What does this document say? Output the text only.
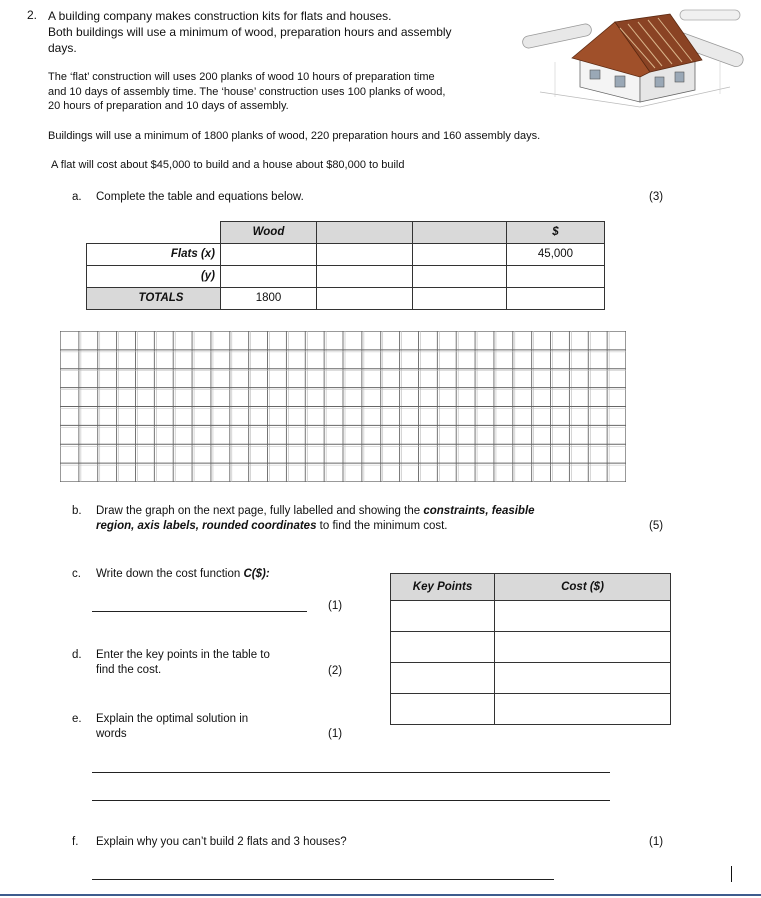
2. A building company makes construction kits for flats and houses.
Both buildings will use a minimum of wood, preparation hours and assembly
days.
The ‘flat’ construction will uses 200 planks of wood 10 hours of preparation time
and 10 days of assembly time. The ‘house’ construction uses 100 planks of wood,
20 hours of preparation and 10 days of assembly.
Buildings will use a minimum of 1800 planks of wood, 220 preparation hours and 160 assembly days.
A flat will cost about $45,000 to build and a house about $80,000 to build
a. Complete the table and equations below.	(3)
	Wood			$
Flats (x)				45,000
(y)				
TOTALS	1800			
b. Draw the graph on the next page, fully labelled and showing the constraints, feasible
region, axis labels, rounded coordinates to find the minimum cost.	(5)
c. Write down the cost function C($):
(1)
d. Enter the key points in the table to
find the cost.	(2)
e. Explain the optimal solution in
words	(1)
Key Points	Cost ($)

f. Explain why you can’t build 2 flats and 3 houses?	(1)
